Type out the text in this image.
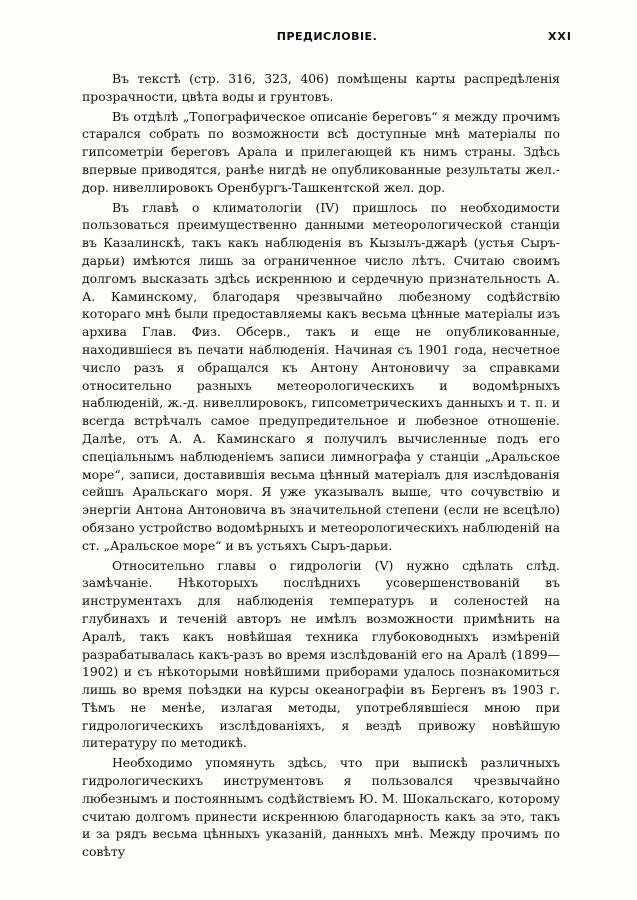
ПРЕДИСЛОВІЕ.	XXI

Въ текстѣ (стр. 316, 323, 406) помѣщены карты распредѣленія прозрачности, цвѣта воды и грунтовъ.

Въ отдѣлѣ „Топографическое описаніе береговъ“ я между прочимъ старался собрать по возможности всѣ доступные мнѣ матеріалы по гипсометріи береговъ Арала и прилегающей къ нимъ страны. Здѣсь впервые приводятся, ранѣе нигдѣ не опубликованные результаты жел.-дор. нивеллировокъ Оренбургъ-Ташкентской жел. дор.

Въ главѣ о климатологіи (IV) пришлось по необходимости пользоваться преимущественно данными метеорологической станціи въ Казалинскѣ, такъ какъ наблюденія въ Кызылъ-джарѣ (устья Сыръ-дарьи) имѣются лишь за ограниченное число лѣтъ. Считаю своимъ долгомъ высказать здѣсь искреннюю и сердечную признательность А. А. Каминскому, благодаря чрезвычайно любезному содѣйствію котораго мнѣ были предоставляемы какъ весьма цѣнные матеріалы изъ архива Глав. Физ. Обсерв., такъ и еще не опубликованные, находившіеся въ печати наблюденія. Начиная съ 1901 года, несчетное число разъ я обращался къ Антону Антоновичу за справками относительно разныхъ метеорологическихъ и водомѣрныхъ наблюденій, ж.-д. нивеллировокъ, гипсометрическихъ данныхъ и т. п. и всегда встрѣчалъ самое предупредительное и любезное отношеніе. Далѣе, отъ А. А. Каминскаго я получилъ вычисленные подъ его спеціальнымъ наблюденіемъ записи лимнографа у станціи „Аральское море“, записи, доставившія весьма цѣнный матеріалъ для изслѣдованія сейшъ Аральскаго моря. Я уже указывалъ выше, что сочувствію и энергіи Антона Антоновича въ значительной степени (если не всецѣло) обязано устройство водомѣрныхъ и метеорологическихъ наблюденій на ст. „Аральское море“ и въ устьяхъ Сыръ-дарьи.

Относительно главы о гидрологіи (V) нужно сдѣлать слѣд. замѣчаніе. Нѣкоторыхъ послѣднихъ усовершенствованій въ инструментахъ для наблюденія температуръ и соленостей на глубинахъ и теченій авторъ не имѣлъ возможности примѣнить на Аралѣ, такъ какъ новѣйшая техника глубоководныхъ измѣреній разрабатывалась какъ-разъ во время изслѣдованій его на Аралѣ (1899—1902) и съ нѣкоторыми новѣйшими приборами удалось познакомиться лишь во время поѣздки на курсы океанографіи въ Бергенъ въ 1903 г. Тѣмъ не менѣе, излагая методы, употреблявшіеся мною при гидрологическихъ изслѣдованіяхъ, я вездѣ привожу новѣйшую литературу по методикѣ.

Необходимо упомянуть здѣсь, что при выпискѣ различныхъ гидрологическихъ инструментовъ я пользовался чрезвычайно любезнымъ и постояннымъ содѣйствіемъ Ю. М. Шокальскаго, которому считаю долгомъ принести искреннюю благодарность какъ за это, такъ и за рядъ весьма цѣнныхъ указаній, данныхъ мнѣ. Между прочимъ по совѣту
